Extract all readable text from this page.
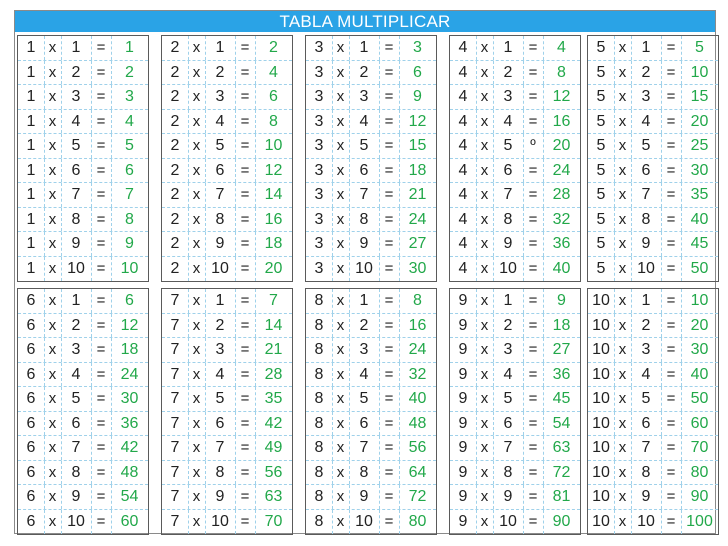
TABLA MULTIPLICAR
1 x 1	=	1
1 x 2	=	2
1 x 3	=	3
1 x 4	=	4
1 x 5	=	5
1 x 6	=	6
1 x 7	=	7
1 x 8	=	8
1 x 9	=	9
1 x 10 = 10
2 x 1	=	2
2 x 2	=	4
2 x 3	=	6
2 x 4	=	8
2 x 5	= 10
2 x 6	= 12
2 x 7	= 14
2 x 8	= 16
2 x 9	= 18
2 x 10 = 20
3 x 1	=	3
3 x 2	=	6
3 x 3	=	9
3 x 4	= 12
3 x 5	= 15
3 x 6	= 18
3 x 7	= 21
3 x 8	= 24
3 x 9	= 27
3 x 10 = 30
4 x 1	=	4
4 x 2	=	8
4 x 3	= 12
4 x 4	= 16
4 x 5	º	20
4 x 6	= 24
4 x 7	= 28
4 x 8	= 32
4 x 9	= 36
4 x 10 = 40
5 x 1	=	5
5 x 2	= 10
5 x 3	= 15
5 x 4	= 20
5 x 5	= 25
5 x 6	= 30
5 x 7	= 35
5 x 8	= 40
5 x 9	= 45
5 x 10 = 50
6 x 1	=	6
6 x 2	= 12
6 x 3	= 18
6 x 4	= 24
6 x 5	= 30
6 x 6	= 36
6 x 7	= 42
6 x 8	= 48
6 x 9	= 54
6 x 10 = 60
7 x 1	=	7
7 x 2	= 14
7 x 3	= 21
7 x 4	= 28
7 x 5	= 35
7 x 6	= 42
7 x 7	= 49
7 x 8	= 56
7 x 9	= 63
7 x 10 = 70
8 x 1	=	8
8 x 2	= 16
8 x 3	= 24
8 x 4	= 32
8 x 5	= 40
8 x 6	= 48
8 x 7	= 56
8 x 8	= 64
8 x 9	= 72
8 x 10 = 80
9 x 1	=	9
9 x 2	= 18
9 x 3	= 27
9 x 4	= 36
9 x 5	= 45
9 x 6	= 54
9 x 7	= 63
9 x 8	= 72
9 x 9	= 81
9 x 10 = 90
10 x 1	= 10
10 x 2	= 20
10 x 3	= 30
10 x 4	= 40
10 x 5	= 50
10 x 6	= 60
10 x 7	= 70
10 x 8	= 80
10 x 9	= 90
10 x 10 = 100
